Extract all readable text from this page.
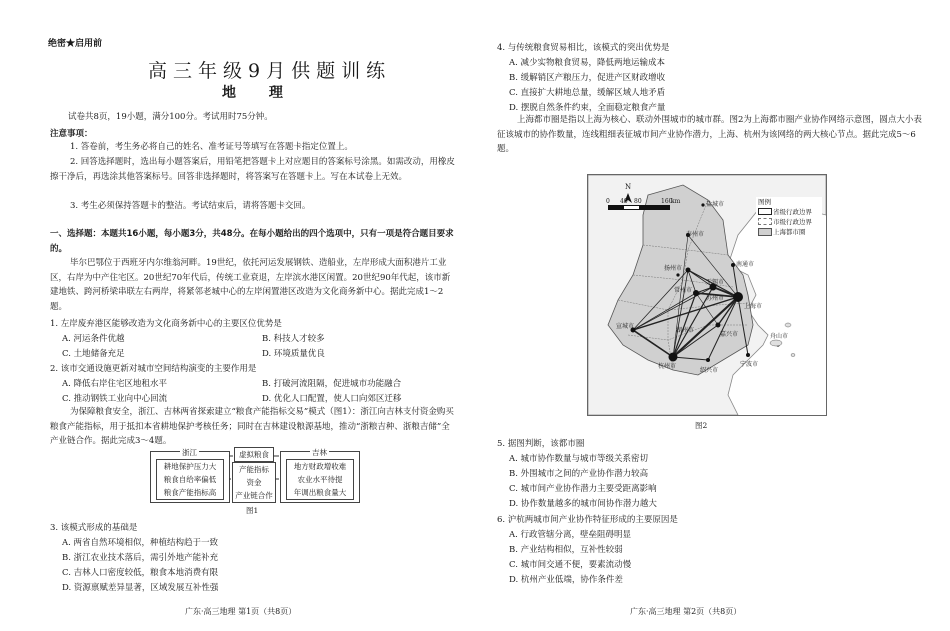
绝密★启用前
高三年级9月供题训练
地 理
试卷共8页，19小题，满分100分。考试用时75分钟。
注意事项：
1. 答卷前，考生务必将自己的姓名、准考证号等填写在答题卡指定位置上。
2. 回答选择题时，选出每小题答案后，用铅笔把答题卡上对应题目的答案标号涂黑。如需改动，用橡皮擦干净后，再选涂其他答案标号。回答非选择题时，将答案写在答题卡上。写在本试卷上无效。
3. 考生必须保持答题卡的整洁。考试结束后，请将答题卡交回。
一、选择题：本题共16小题，每小题3分，共48分。在每小题给出的四个选项中，只有一项是符合题目要求的。
毕尔巴鄂位于西班牙内尔维翁河畔。19世纪，依托河运发展钢铁、造船业，左岸形成大面积港片工业区，右岸为中产住宅区。20世纪70年代后，传统工业衰退，左岸滨水港区闲置。20世纪90年代起，该市新建地铁、跨河桥梁串联左右两岸，将紧邻老城中心的左岸闲置港区改造为文化商务新中心。据此完成1～2题。
1. 左岸废弃港区能够改造为文化商务新中心的主要区位优势是
A. 河运条件优越	B. 科技人才较多
C. 土地储备充足	D. 环境质量优良
2. 该市交通设施更新对城市空间结构演变的主要作用是
A. 降低右岸住宅区地租水平	B. 打破河流阻隔，促进城市功能融合
C. 推动钢铁工业向中心回流	D. 优化人口配置，使人口向郊区迁移
为保障粮食安全，浙江、吉林两省探索建立“粮食产能指标交易”模式（图1）：浙江向吉林支付资金购买粮食产能指标，用于抵扣本省耕地保护考核任务；同时在吉林建设粮源基地，推动“浙粮吉种、浙粮吉储”全产业链合作。据此完成3～4题。
浙江
耕地保护压力大
粮食自给率偏低
粮食产能指标高
虚拟粮食
产能指标
资金
产业链合作
吉林
地方财政增收难
农业水平待提
年调出粮食量大
图1
3. 该模式形成的基础是
A. 两省自然环境相似，种植结构趋于一致
B. 浙江农业技术落后，需引外地产能补充
C. 吉林人口密度较低，粮食本地消费有限
D. 资源禀赋差异显著，区域发展互补性强
广东·高三地理 第1页（共8页）
4. 与传统粮食贸易相比，该模式的突出优势是
A. 减少实物粮食贸易，降低两地运输成本
B. 缓解销区产粮压力，促进产区财政增收
C. 直接扩大耕地总量，缓解区域人地矛盾
D. 摆脱自然条件约束，全面稳定粮食产量
上海都市圈是指以上海为核心、联动外围城市的城市群。图2为上海都市圈产业协作网络示意图，圆点大小表征该城市的协作数量，连线粗细表征城市间产业协作潜力，上海、杭州为该网络的两大核心节点。据此完成5～6题。
N
0 40 80	160
km	图例
省级行政边界
市级行政边界
上海都市圈
盐城市
南通市
泰州市
扬州市
常州市
无锡市
苏州市
上海市
宣城市
湖州市
嘉兴市
杭州市
绍兴市
宁波市
舟山市
图2
5. 据图判断，该都市圈
A. 城市协作数量与城市等级关系密切
B. 外围城市之间的产业协作潜力较高
C. 城市间产业协作潜力主要受距离影响
D. 协作数量越多的城市间协作潜力越大
6. 沪杭两城市间产业协作特征形成的主要原因是
A. 行政管辖分离，壁垒阻碍明显
B. 产业结构相似，互补性较弱
C. 城市间交通不便，要素流动慢
D. 杭州产业低端，协作条件差
广东·高三地理 第2页（共8页）
